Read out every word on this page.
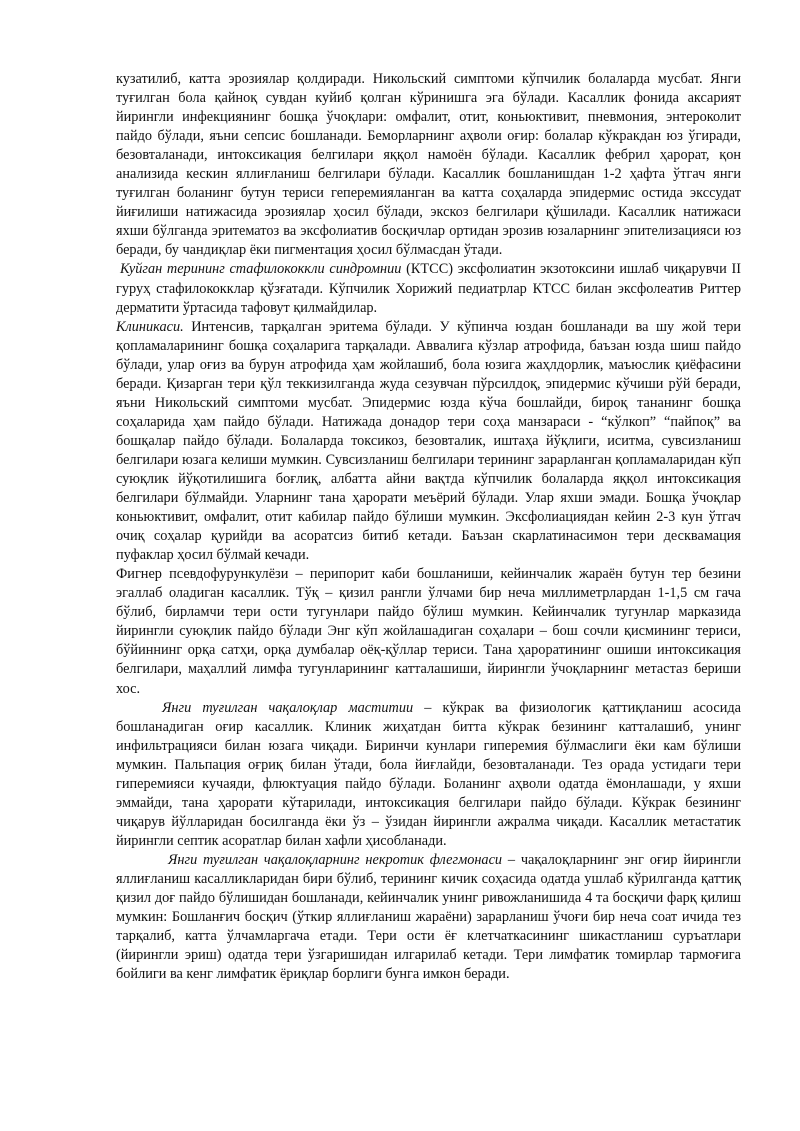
кузатилиб, катта эрозиялар қолдиради. Никольский симптоми кўпчилик болаларда мусбат. Янги туғилган бола қайноқ сувдан куйиб қолган кўринишга эга бўлади. Касаллик фонида аксарият йирингли инфекциянинг бошқа ўчоқлари: омфалит, отит, коньюктивит, пневмония, энтероколит пайдо бўлади, яъни сепсис бошланади. Беморларнинг аҳволи оғир: болалар кўкракдан юз ўгиради, безовталанади, интоксикация белгилари яққол намоён бўлади. Касаллик фебрил ҳарорат, қон анализида кескин яллиғланиш белгилари бўлади. Касаллик бошланишдан 1-2 ҳафта ўтгач янги туғилган боланинг бутун териси геперемияланган ва катта соҳаларда эпидермис остида экссудат йиғилиши натижасида эрозиялар ҳосил бўлади, экскоз белгилари қўшилади. Касаллик натижаси яхши бўлганда эритематоз ва эксфолиатив босқичлар ортидан эрозив юзаларнинг эпителизацияси юз беради, бу чандиқлар ёки пигментация ҳосил бўлмасдан ўтади.

Куйган терининг стафилококкли синдромнии (КТСС) эксфолиатин экзотоксини ишлаб чиқарувчи II гуруҳ стафилококклар қўзғатади. Кўпчилик Хорижий педиатрлар КТСС билан эксфолеатив Риттер дерматити ўртасида тафовут қилмайдилар.

Клиникаси. Интенсив, тарқалган эритема бўлади. У кўпинча юздан бошланади ва шу жой тери қопламаларининг бошқа соҳаларига тарқалади. Аввалига кўзлар атрофида, баъзан юзда шиш пайдо бўлади, улар оғиз ва бурун атрофида ҳам жойлашиб, бола юзига жаҳлдорлик, маъюслик қиёфасини беради. Қизарган тери қўл теккизилганда жуда сезувчан пўрсилдоқ, эпидермис кўчиши рўй беради, яъни Никольский симптоми мусбат. Эпидермис юзда кўча бошлайди, бироқ тананинг бошқа соҳаларида ҳам пайдо бўлади. Натижада донадор тери соҳа манзараси - “кўлкоп” “пайпоқ” ва бошқалар пайдо бўлади. Болаларда токсикоз, безовталик, иштаҳа йўқлиги, иситма, сувсизланиш белгилари юзага келиши мумкин. Сувсизланиш белгилари терининг зарарланган қопламаларидан кўп суюқлик йўқотилишига боғлиқ, албатта айни вақтда кўпчилик болаларда яққол интоксикация белгилари бўлмайди. Уларнинг тана ҳарорати меъёрий бўлади. Улар яхши эмади. Бошқа ўчоқлар коньюктивит, омфалит, отит кабилар пайдо бўлиши мумкин. Эксфолиациядан кейин 2-3 кун ўтгач очиқ соҳалар қурийди ва асоратсиз битиб кетади. Баъзан скарлатинасимон тери десквамация пуфаклар ҳосил бўлмай кечади.

Фигнер псевдофурункулёзи – перипорит каби бошланиши, кейинчалик жараён бутун тер безини эгаллаб оладиган касаллик. Тўқ – қизил рангли ўлчами бир неча миллиметрлардан 1-1,5 см гача бўлиб, бирламчи тери ости тугунлари пайдо бўлиш мумкин. Кейинчалик тугунлар марказида йирингли суюқлик пайдо бўлади Энг кўп жойлашадиган соҳалари – бош сочли қисмининг териси, бўйиннинг орқа сатҳи, орқа думбалар оёқ-қўллар териси. Тана ҳароратининг ошиши интоксикация белгилари, маҳаллий лимфа тугунларининг катталашиши, йирингли ўчоқларнинг метастаз бериши хос.

Янги туғилган чақалоқлар маститии – кўкрак ва физиологик қаттиқланиш асосида бошланадиган оғир касаллик. Клиник жиҳатдан битта кўкрак безининг катталашиб, унинг инфильтрацияси билан юзага чиқади. Биринчи кунлари гиперемия бўлмаслиги ёки кам бўлиши мумкин. Пальпация оғриқ билан ўтади, бола йиғлайди, безовталанади. Тез орада устидаги тери гиперемияси кучаяди, флюктуация пайдо бўлади. Боланинг аҳволи одатда ёмонлашади, у яхши эммайди, тана ҳарорати кўтарилади, интоксикация белгилари пайдо бўлади. Кўкрак безининг чиқарув йўлларидан босилганда ёки ўз – ўзидан йирингли ажралма чиқади. Касаллик метастатик йирингли септик асоратлар билан хафли ҳисобланади.

Янги туғилган чақалоқларнинг некротик флегмонаси – чақалоқларнинг энг оғир йирингли яллиғланиш касалликларидан бири бўлиб, терининг кичик соҳасида одатда ушлаб кўрилганда қаттиқ қизил доғ пайдо бўлишидан бошланади, кейинчалик унинг ривожланишида 4 та босқичи фарқ қилиш мумкин: Бошланғич босқич (ўткир яллиғланиш жараёни) зарарланиш ўчоғи бир неча соат ичида тез тарқалиб, катта ўлчамларгача етади. Тери ости ёғ клетчаткасининг шикастланиш суръатлари (йирингли эриш) одатда тери ўзгаришидан илгарилаб кетади. Тери лимфатик томирлар тармоғига бойлиги ва кенг лимфатик ёриқлар борлиги бунга имкон беради.
